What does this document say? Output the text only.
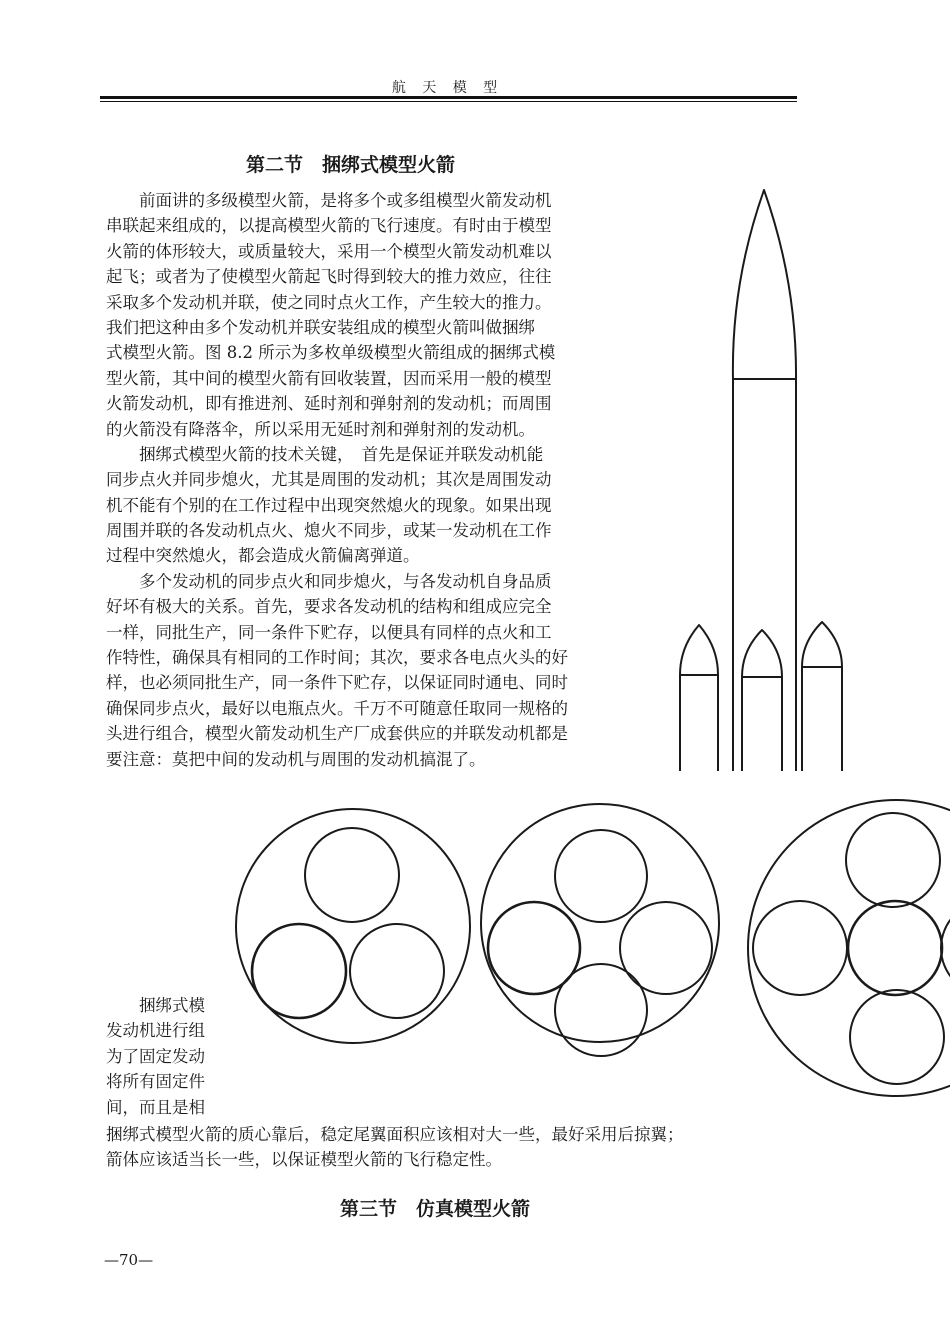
航 天 模 型
第二节　捆绑式模型火箭
　　前面讲的多级模型火箭，是将多个或多组模型火箭发动机
串联起来组成的，以提高模型火箭的飞行速度。有时由于模型
火箭的体形较大，或质量较大，采用一个模型火箭发动机难以
起飞；或者为了使模型火箭起飞时得到较大的推力效应，往往
采取多个发动机并联，使之同时点火工作，产生较大的推力。
我们把这种由多个发动机并联安装组成的模型火箭叫做捆绑
式模型火箭。图 8.2 所示为多枚单级模型火箭组成的捆绑式模
型火箭，其中间的模型火箭有回收装置，因而采用一般的模型
火箭发动机，即有推进剂、延时剂和弹射剂的发动机；而周围
的火箭没有降落伞，所以采用无延时剂和弹射剂的发动机。
　　捆绑式模型火箭的技术关键，　首先是保证并联发动机能
同步点火并同步熄火，尤其是周围的发动机；其次是周围发动
机不能有个别的在工作过程中出现突然熄火的现象。如果出现
周围并联的各发动机点火、熄火不同步，或某一发动机在工作
过程中突然熄火，都会造成火箭偏离弹道。
　　多个发动机的同步点火和同步熄火，与各发动机自身品质
好坏有极大的关系。首先，要求各发动机的结构和组成应完全
一样，同批生产，同一条件下贮存，以便具有同样的点火和工
作特性，确保具有相同的工作时间；其次，要求各电点火头的好
样，也必须同批生产，同一条件下贮存，以保证同时通电、同时
确保同步点火，最好以电瓶点火。千万不可随意任取同一规格的
头进行组合，模型火箭发动机生产厂成套供应的并联发动机都是
要注意：莫把中间的发动机与周围的发动机搞混了。
　　捆绑式模
发动机进行组
为了固定发动
将所有固定件
间，而且是相
捆绑式模型火箭的质心靠后，稳定尾翼面积应该相对大一些，最好采用后掠翼；
箭体应该适当长一些，以保证模型火箭的飞行稳定性。
第三节　仿真模型火箭
—70—
